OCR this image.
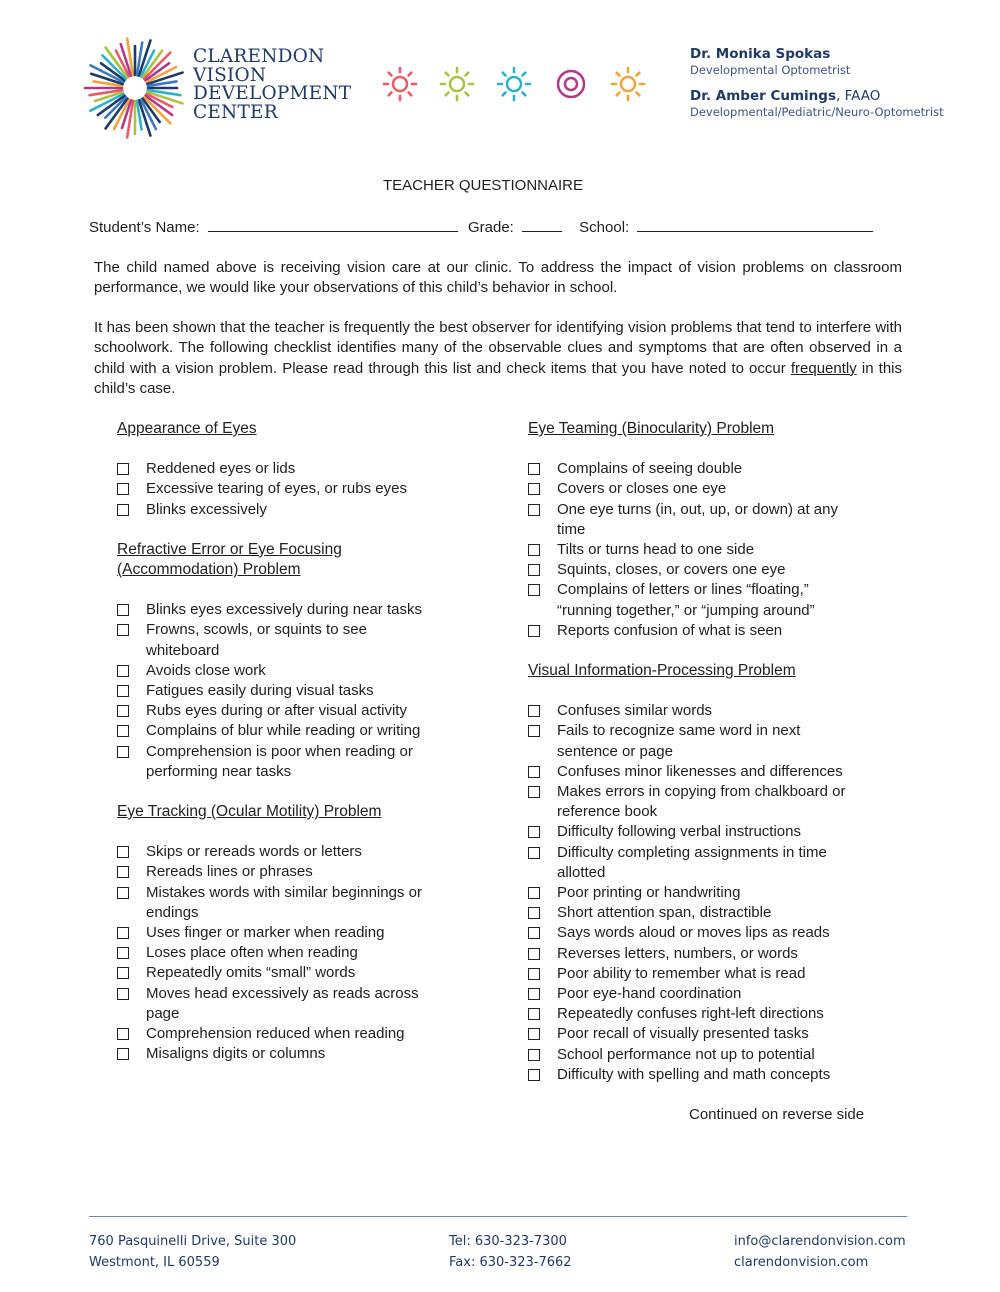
CLARENDON
VISION
DEVELOPMENT
CENTER
Dr. Monika Spokas
Developmental Optometrist
Dr. Amber Cumings, FAAO
Developmental/Pediatric/Neuro-Optometrist
TEACHER QUESTIONNAIRE
Student’s Name:	Grade:	School:

The child named above is receiving vision care at our clinic. To address the impact of vision problems on classroom performance, we would like your observations of this child’s behavior in school.

It has been shown that the teacher is frequently the best observer for identifying vision problems that tend to interfere with schoolwork. The following checklist identifies many of the observable clues and symptoms that are often observed in a child with a vision problem. Please read through this list and check items that you have noted to occur frequently in this child’s case.

Appearance of Eyes
Reddened eyes or lids
Excessive tearing of eyes, or rubs eyes
Blinks excessively
Refractive Error or Eye Focusing (Accommodation) Problem
Blinks eyes excessively during near tasks
Frowns, scowls, or squints to see whiteboard
Avoids close work
Fatigues easily during visual tasks
Rubs eyes during or after visual activity
Complains of blur while reading or writing
Comprehension is poor when reading or performing near tasks
Eye Tracking (Ocular Motility) Problem
Skips or rereads words or letters
Rereads lines or phrases
Mistakes words with similar beginnings or endings
Uses finger or marker when reading
Loses place often when reading
Repeatedly omits “small” words
Moves head excessively as reads across page
Comprehension reduced when reading
Misaligns digits or columns
Eye Teaming (Binocularity) Problem
Complains of seeing double
Covers or closes one eye
One eye turns (in, out, up, or down) at any time
Tilts or turns head to one side
Squints, closes, or covers one eye
Complains of letters or lines “floating,” “running together,” or “jumping around”
Reports confusion of what is seen
Visual Information-Processing Problem
Confuses similar words
Fails to recognize same word in next sentence or page
Confuses minor likenesses and differences
Makes errors in copying from chalkboard or reference book
Difficulty following verbal instructions
Difficulty completing assignments in time allotted
Poor printing or handwriting
Short attention span, distractible
Says words aloud or moves lips as reads
Reverses letters, numbers, or words
Poor ability to remember what is read
Poor eye-hand coordination
Repeatedly confuses right-left directions
Poor recall of visually presented tasks
School performance not up to potential
Difficulty with spelling and math concepts
Continued on reverse side
760 Pasquinelli Drive, Suite 300
Westmont, IL 60559
Tel: 630-323-7300
Fax: 630-323-7662
info@clarendonvision.com
clarendonvision.com
